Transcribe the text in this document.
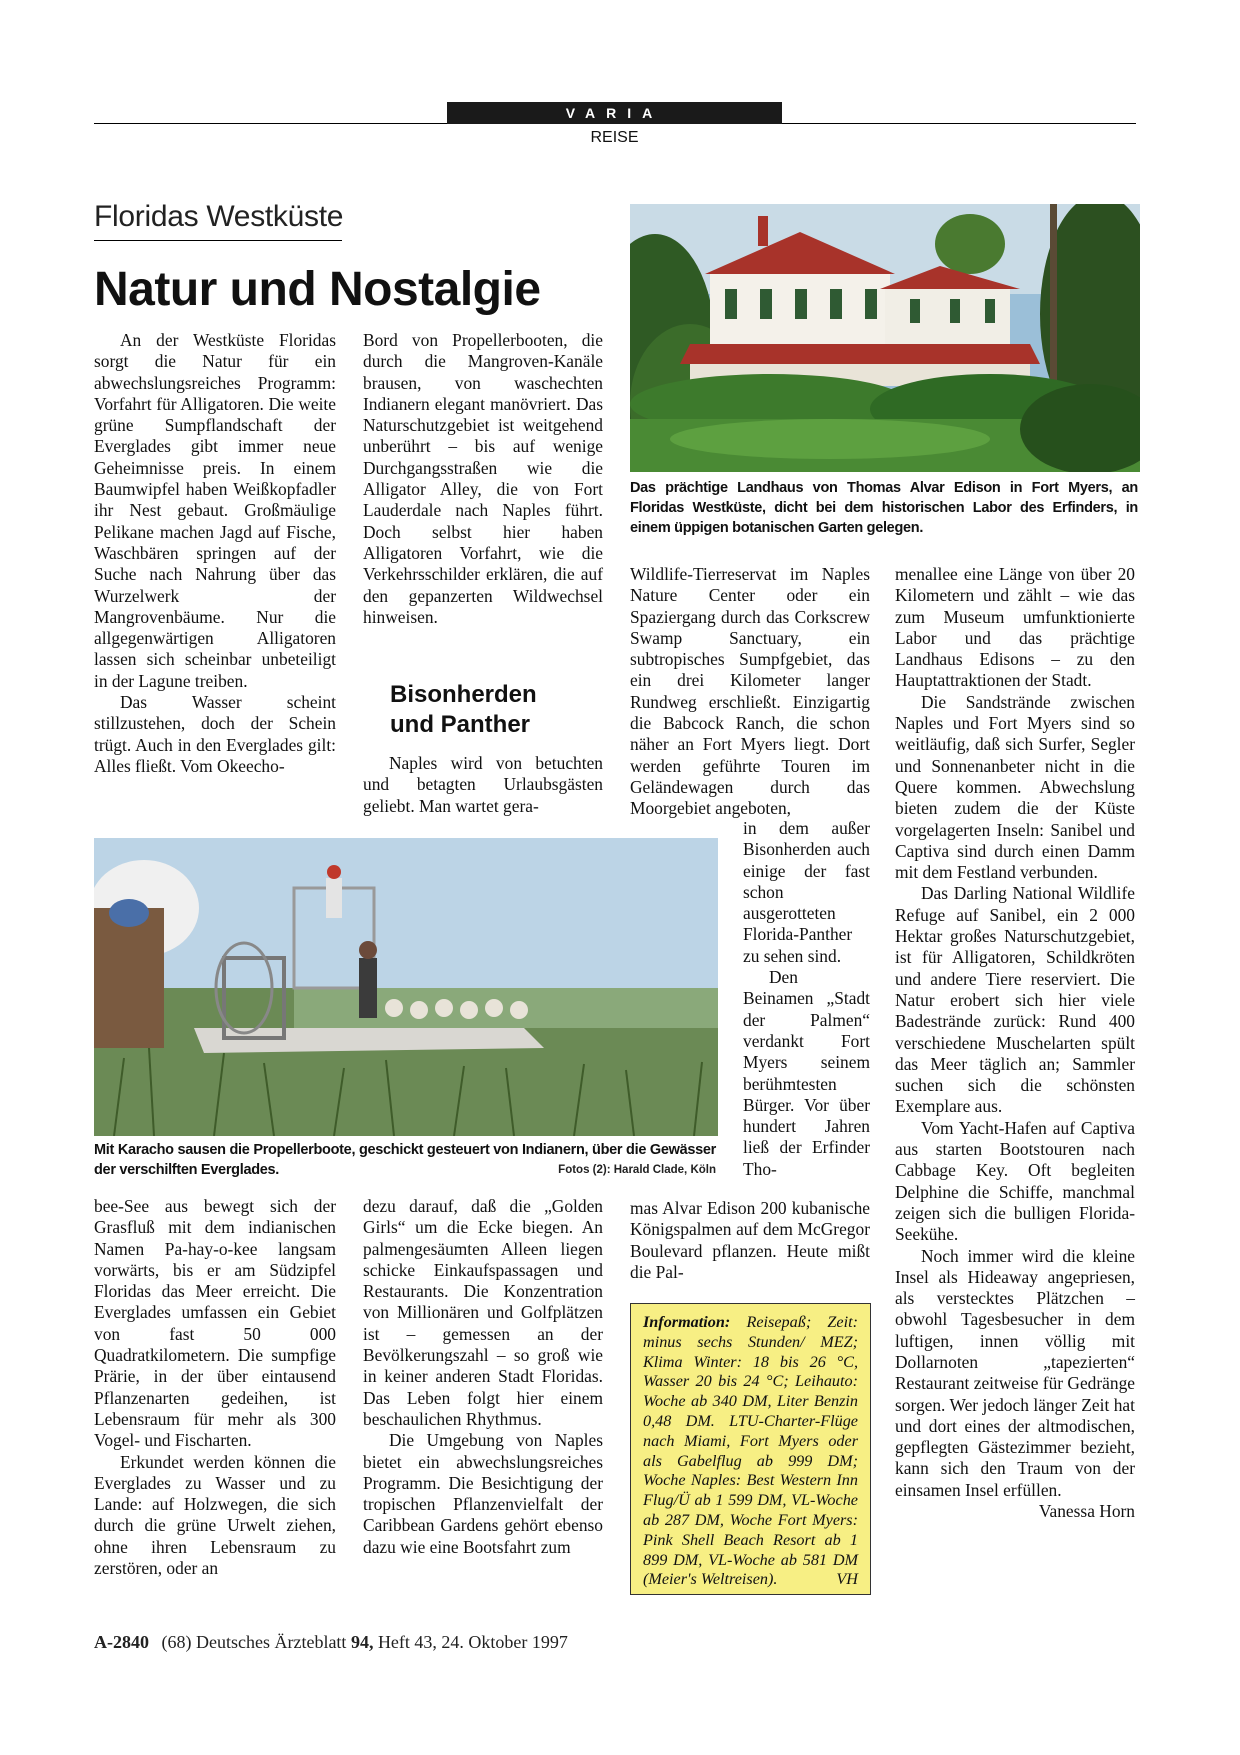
VARIA
REISE
Floridas Westküste
Natur und Nostalgie

An der Westküste Floridas sorgt die Natur für ein abwechslungsreiches Programm: Vorfahrt für Alligatoren. Die weite grüne Sumpflandschaft der Everglades gibt immer neue Geheimnisse preis. In einem Baumwipfel haben Weißkopfadler ihr Nest gebaut. Großmäulige Pelikane machen Jagd auf Fische, Waschbären springen auf der Suche nach Nahrung über das Wurzelwerk der Mangrovenbäume. Nur die allgegenwärtigen Alligatoren lassen sich scheinbar unbeteiligt in der Lagune treiben.

Das Wasser scheint stillzustehen, doch der Schein trügt. Auch in den Everglades gilt: Alles fließt. Vom Okeecho-

Bord von Propellerbooten, die durch die Mangroven-Kanäle brausen, von waschechten Indianern elegant manövriert. Das Naturschutzgebiet ist weitgehend unberührt – bis auf wenige Durchgangsstraßen wie die Alligator Alley, die von Fort Lauderdale nach Naples führt. Doch selbst hier haben Alligatoren Vorfahrt, wie die Verkehrsschilder erklären, die auf den gepanzerten Wildwechsel hinweisen.

Bisonherden
und Panther

Naples wird von betuchten und betagten Urlaubsgästen geliebt. Man wartet gera-

Das prächtige Landhaus von Thomas Alvar Edison in Fort Myers, an Floridas Westküste, dicht bei dem historischen Labor des Erfinders, in einem üppigen botanischen Garten gelegen.

Wildlife-Tierreservat im Naples Nature Center oder ein Spaziergang durch das Corkscrew Swamp Sanctuary, ein subtropisches Sumpfgebiet, das ein drei Kilometer langer Rundweg erschließt. Einzigartig die Babcock Ranch, die schon näher an Fort Myers liegt. Dort werden geführte Touren im Geländewagen durch das Moorgebiet angeboten,

in dem außer Bisonherden auch einige der fast schon ausgerotteten Florida-Panther zu sehen sind.

Den Beinamen „Stadt der Palmen“ verdankt Fort Myers seinem berühmtesten Bürger. Vor über hundert Jahren ließ der Erfinder Tho-

mas Alvar Edison 200 kubanische Königspalmen auf dem McGregor Boulevard pflanzen. Heute mißt die Pal-

menallee eine Länge von über 20 Kilometern und zählt – wie das zum Museum umfunktionierte Labor und das prächtige Landhaus Edisons – zu den Hauptattraktionen der Stadt.

Die Sandstrände zwischen Naples und Fort Myers sind so weitläufig, daß sich Surfer, Segler und Sonnenanbeter nicht in die Quere kommen. Abwechslung bieten zudem die der Küste vorgelagerten Inseln: Sanibel und Captiva sind durch einen Damm mit dem Festland verbunden.

Das Darling National Wildlife Refuge auf Sanibel, ein 2 000 Hektar großes Naturschutzgebiet, ist für Alligatoren, Schildkröten und andere Tiere reserviert. Die Natur erobert sich hier viele Badestrände zurück: Rund 400 verschiedene Muschelarten spült das Meer täglich an; Sammler suchen sich die schönsten Exemplare aus.

Vom Yacht-Hafen auf Captiva aus starten Bootstouren nach Cabbage Key. Oft begleiten Delphine die Schiffe, manchmal zeigen sich die bulligen Florida-Seekühe.

Noch immer wird die kleine Insel als Hideaway angepriesen, als verstecktes Plätzchen – obwohl Tagesbesucher in dem luftigen, innen völlig mit Dollarnoten „tapezierten“ Restaurant zeitweise für Gedränge sorgen. Wer jedoch länger Zeit hat und dort eines der altmodischen, gepflegten Gästezimmer bezieht, kann sich den Traum von der einsamen Insel erfüllen.

Vanessa Horn
Mit Karacho sausen die Propellerboote, geschickt gesteuert von Indianern, über die Gewässer der verschilften Everglades.	Fotos (2): Harald Clade, Köln

bee-See aus bewegt sich der Grasfluß mit dem indianischen Namen Pa-hay-o-kee langsam vorwärts, bis er am Südzipfel Floridas das Meer erreicht. Die Everglades umfassen ein Gebiet von fast 50 000 Quadratkilometern. Die sumpfige Prärie, in der über eintausend Pflanzenarten gedeihen, ist Lebensraum für mehr als 300 Vogel- und Fischarten.

Erkundet werden können die Everglades zu Wasser und zu Lande: auf Holzwegen, die sich durch die grüne Urwelt ziehen, ohne ihren Lebensraum zu zerstören, oder an

dezu darauf, daß die „Golden Girls“ um die Ecke biegen. An palmengesäumten Alleen liegen schicke Einkaufspassagen und Restaurants. Die Konzentration von Millionären und Golfplätzen ist – gemessen an der Bevölkerungszahl – so groß wie in keiner anderen Stadt Floridas. Das Leben folgt hier einem beschaulichen Rhythmus.

Die Umgebung von Naples bietet ein abwechslungsreiches Programm. Die Besichtigung der tropischen Pflanzenvielfalt der Caribbean Gardens gehört ebenso dazu wie eine Bootsfahrt zum

Information: Reisepaß; Zeit: minus sechs Stunden/ MEZ; Klima Winter: 18 bis 26 °C, Wasser 20 bis 24 °C; Leihauto: Woche ab 340 DM, Liter Benzin 0,48 DM. LTU-Charter-Flüge nach Miami, Fort Myers oder als Gabelflug ab 999 DM; Woche Naples: Best Western Inn Flug/Ü ab 1 599 DM, VL-Woche ab 287 DM, Woche Fort Myers: Pink Shell Beach Resort ab 1 899 DM, VL-Woche ab 581 DM (Meier's Weltreisen).	VH
A-2840 (68) Deutsches Ärzteblatt 94, Heft 43, 24. Oktober 1997
